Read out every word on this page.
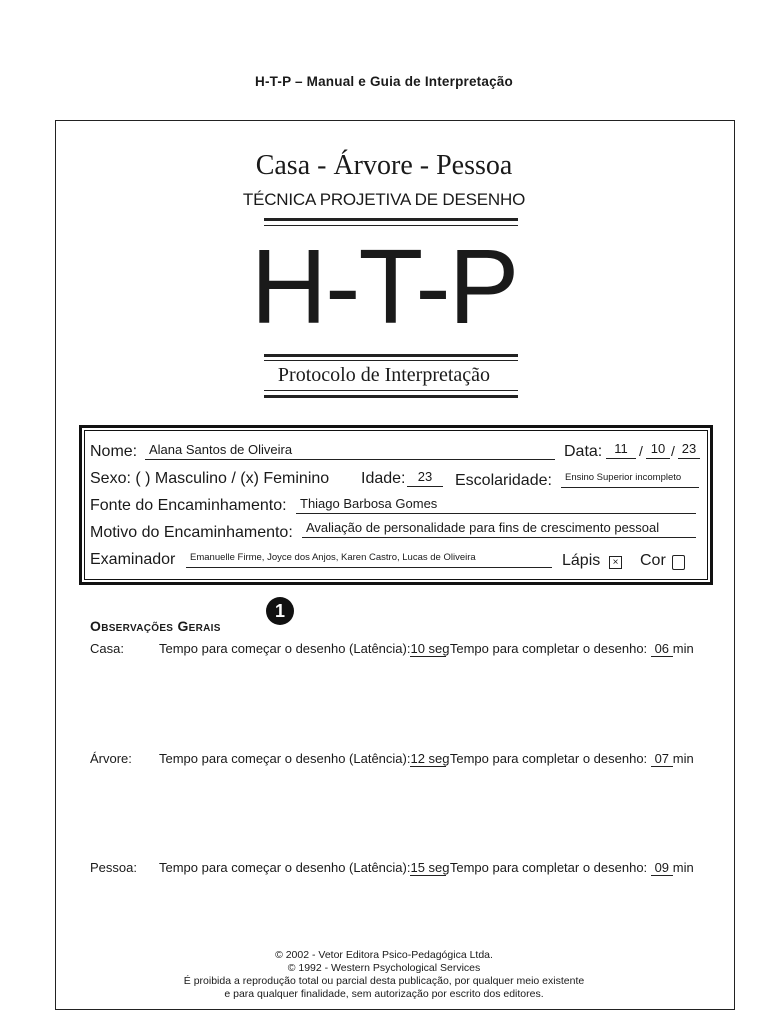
H-T-P – Manual e Guia de Interpretação
Casa - Árvore - Pessoa
TÉCNICA PROJETIVA DE DESENHO
H-T-P
Protocolo de Interpretação
Nome: Alana Santos de Oliveira	Data: 11 / 10 / 23
Sexo: ( ) Masculino / (x) Feminino Idade: 23	Escolaridade:	Ensino Superior incompleto
Fonte do Encaminhamento:	Thiago Barbosa Gomes
Motivo do Encaminhamento:	Avaliação de personalidade para fins de crescimento pessoal
Examinador	Emanuelle Firme, Joyce dos Anjos, Karen Castro, Lucas de Oliveira	Lápis	× Cor
1
Observações Gerais
Casa:	Tempo para começar o desenho (Latência):10 seg Tempo para completar o desenho: 06 min
Árvore: Tempo para começar o desenho (Latência):12 seg Tempo para completar o desenho: 07 min
Pessoa: Tempo para começar o desenho (Latência):15 seg Tempo para completar o desenho: 09 min
© 2002 - Vetor Editora Psico-Pedagógica Ltda.
© 1992 - Western Psychological Services
É proibida a reprodução total ou parcial desta publicação, por qualquer meio existente
e para qualquer finalidade, sem autorização por escrito dos editores.
